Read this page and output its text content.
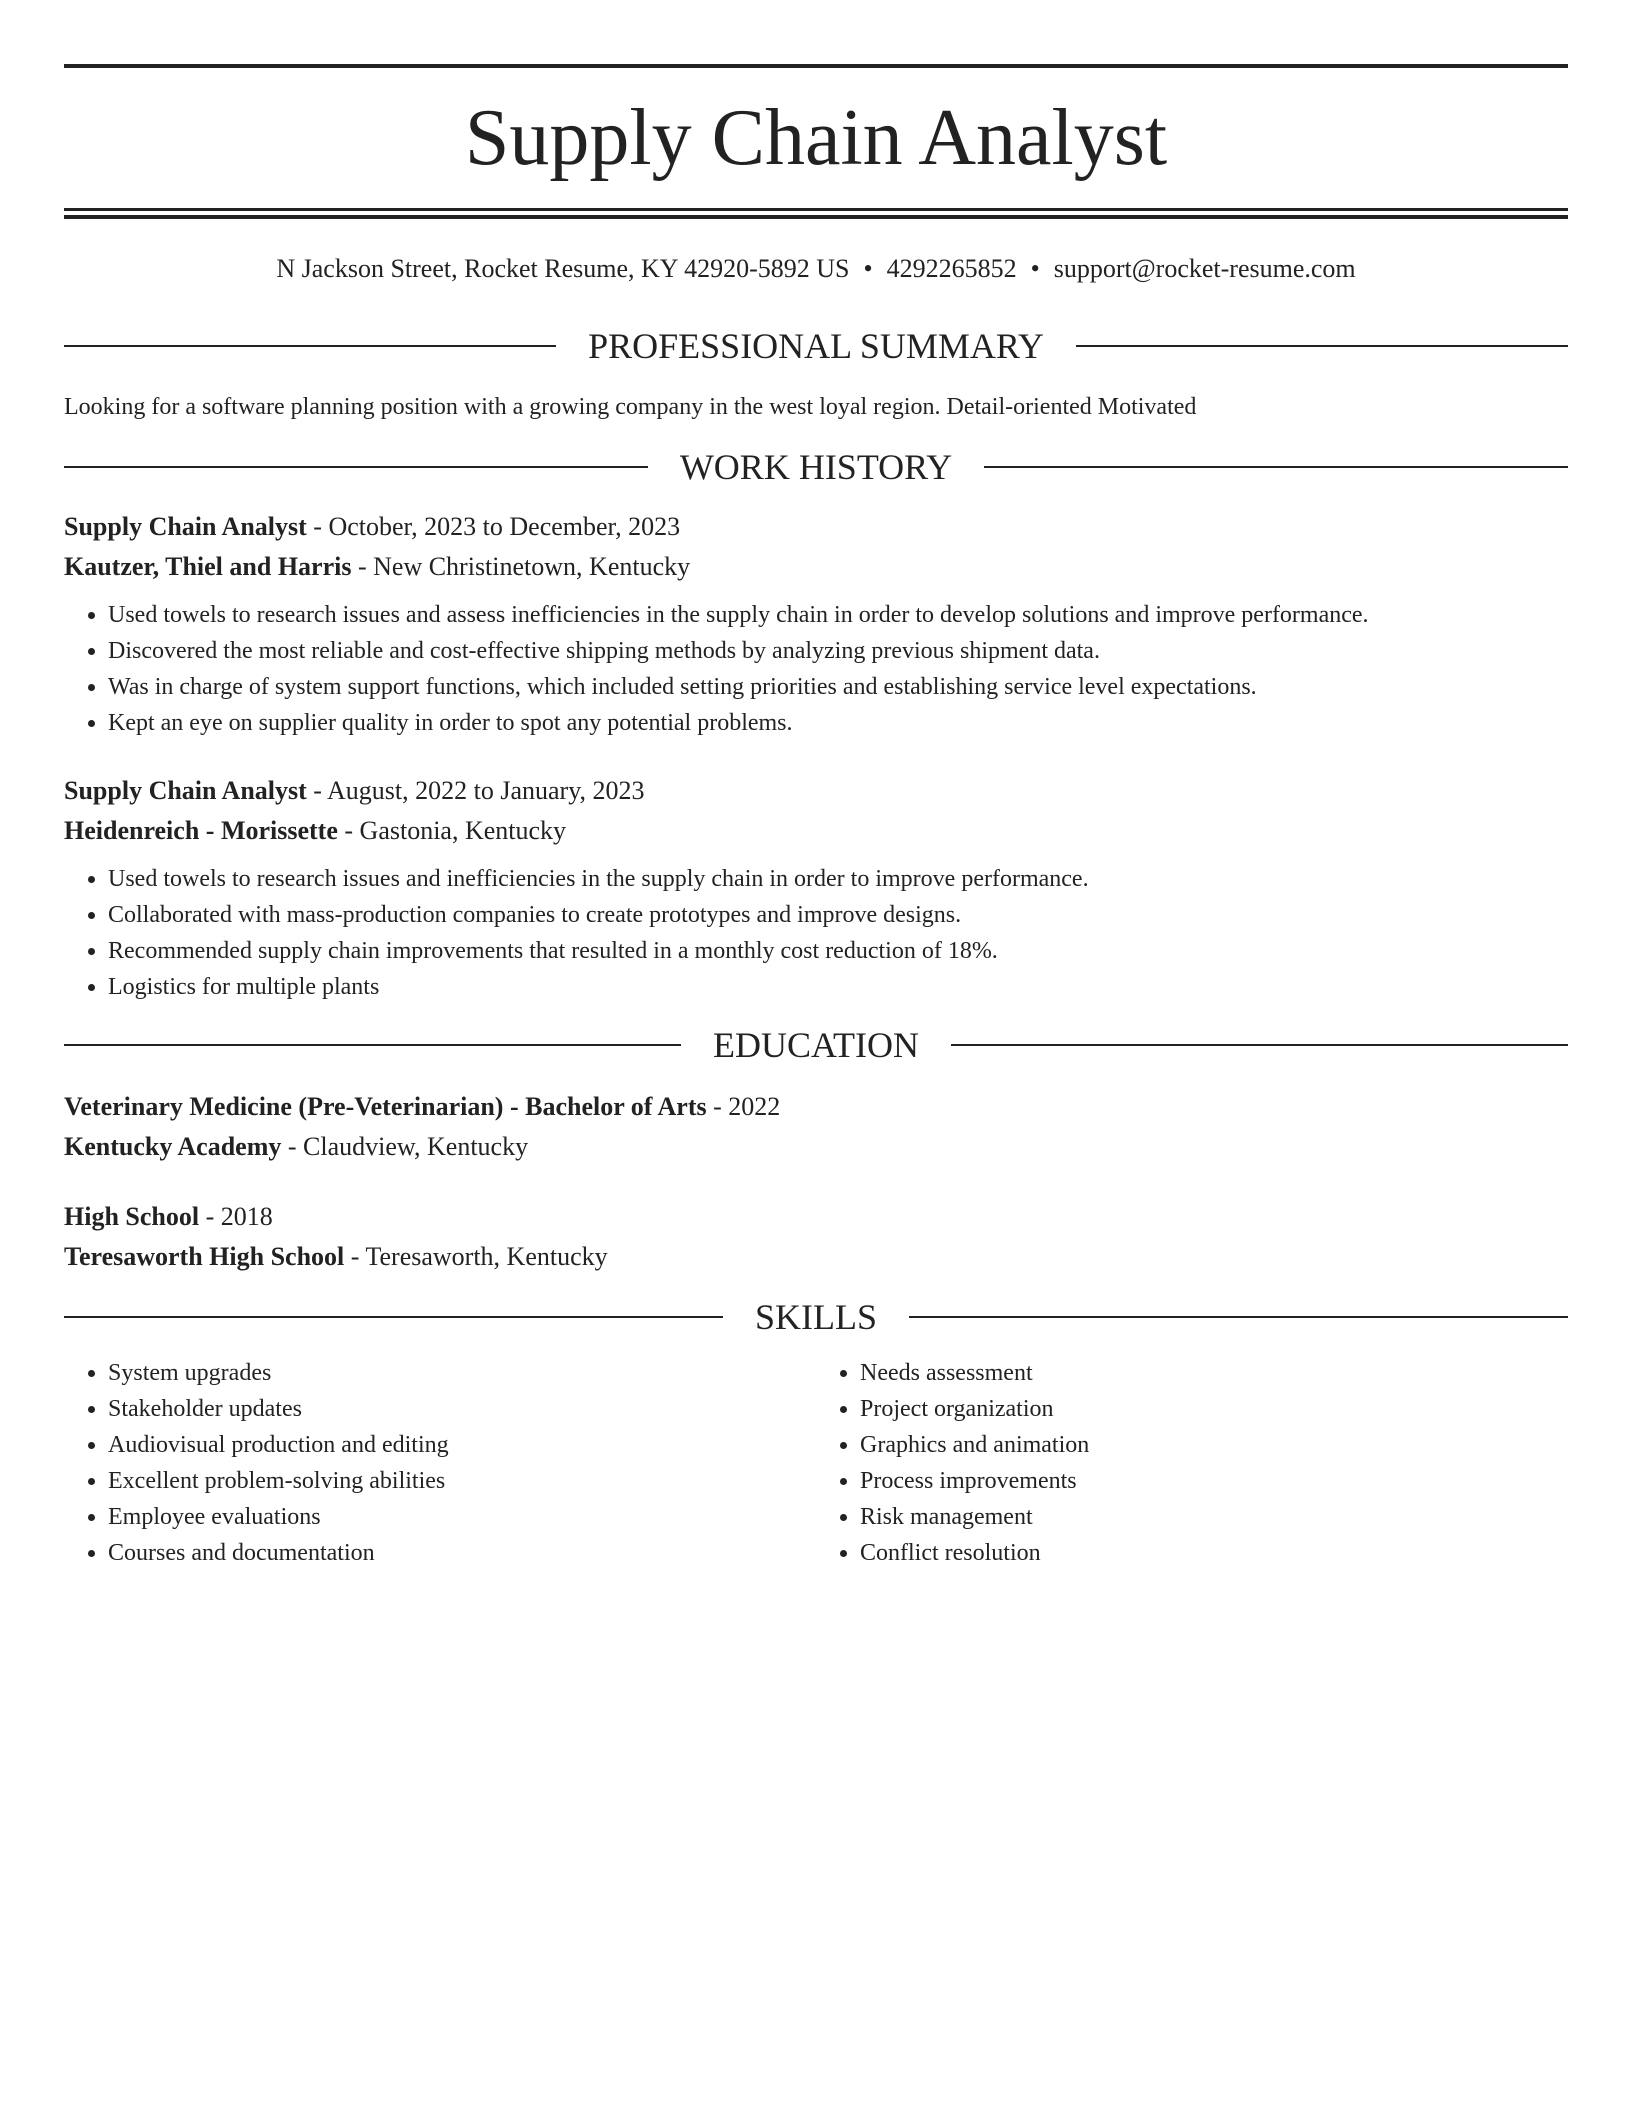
Supply Chain Analyst
N Jackson Street, Rocket Resume, KY 42920-5892 US • 4292265852 • support@rocket-resume.com
PROFESSIONAL SUMMARY
Looking for a software planning position with a growing company in the west loyal region. Detail-oriented Motivated
WORK HISTORY
Supply Chain Analyst - October, 2023 to December, 2023
Kautzer, Thiel and Harris - New Christinetown, Kentucky
• Used towels to research issues and assess inefficiencies in the supply chain in order to develop solutions and improve performance.
• Discovered the most reliable and cost-effective shipping methods by analyzing previous shipment data.
• Was in charge of system support functions, which included setting priorities and establishing service level expectations.
• Kept an eye on supplier quality in order to spot any potential problems.
Supply Chain Analyst - August, 2022 to January, 2023
Heidenreich - Morissette - Gastonia, Kentucky
• Used towels to research issues and inefficiencies in the supply chain in order to improve performance.
• Collaborated with mass-production companies to create prototypes and improve designs.
• Recommended supply chain improvements that resulted in a monthly cost reduction of 18%.
• Logistics for multiple plants
EDUCATION
Veterinary Medicine (Pre-Veterinarian) - Bachelor of Arts - 2022
Kentucky Academy - Claudview, Kentucky
High School - 2018
Teresaworth High School - Teresaworth, Kentucky
SKILLS
• System upgrades
• Stakeholder updates
• Audiovisual production and editing
• Excellent problem-solving abilities
• Employee evaluations
• Courses and documentation
• Needs assessment
• Project organization
• Graphics and animation
• Process improvements
• Risk management
• Conflict resolution
